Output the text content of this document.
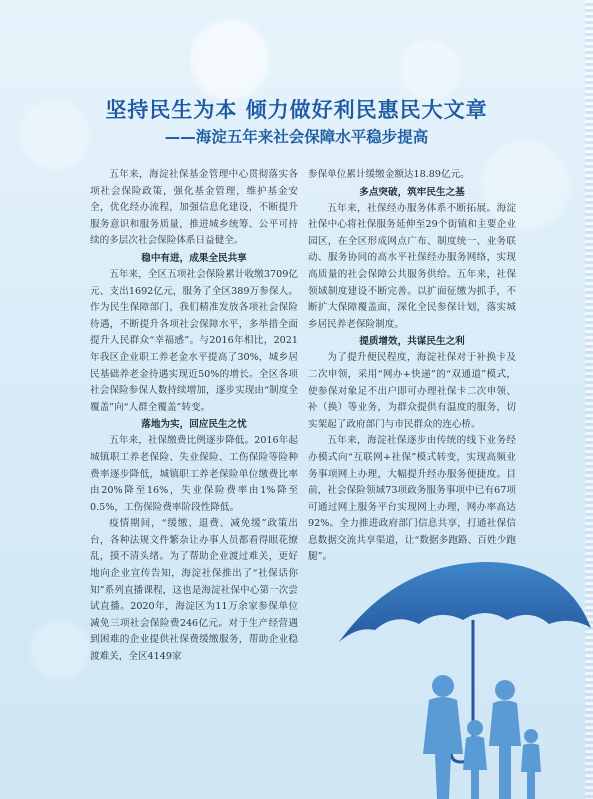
坚持民生为本 倾力做好利民惠民大文章
——海淀五年来社会保障水平稳步提高

五年来，海淀社保基金管理中心贯彻落实各项社会保险政策，强化基金管理，维护基金安全，优化经办流程，加强信息化建设，不断提升服务意识和服务质量，推进城乡统筹、公平可持续的多层次社会保险体系日益健全。

稳中有进，成果全民共享

五年来，全区五项社会保险累计收缴3709亿元、支出1692亿元，服务了全区389万参保人。作为民生保障部门，我们精准发放各项社会保险待遇，不断提升各项社会保障水平，多举措全面提升人民群众“幸福感”。与2016年相比，2021年我区企业职工养老金水平提高了30%，城乡居民基础养老金待遇实现近50%的增长。全区各项社会保险参保人数持续增加，逐步实现由“制度全覆盖”向“人群全覆盖”转变。

落地为实，回应民生之忧

五年来，社保缴费比例逐步降低。2016年起城镇职工养老保险、失业保险、工伤保险等险种费率逐步降低，城镇职工养老保险单位缴费比率由20%降至16%，失业保险费率由1%降至0.5%，工伤保险费率阶段性降低。

疫情期间，“缓缴、退费、减免缓”政策出台，各种法规文件繁杂让办事人员都看得眼花缭乱，摸不清头绪。为了帮助企业渡过难关，更好地向企业宣传告知，海淀社保推出了“社保话你知”系列直播课程，这也是海淀社保中心第一次尝试直播。2020年，海淀区为11万余家参保单位减免三项社会保险费246亿元。对于生产经营遇到困难的企业提供社保费缓缴服务，帮助企业稳渡难关，全区4149家

参保单位累计缓缴金额达18.89亿元。

多点突破，筑牢民生之基

五年来，社保经办服务体系不断拓展。海淀社保中心将社保服务延伸至29个街镇和主要企业园区，在全区形成网点广布、制度统一、业务联动、服务协同的高水平社保经办服务网络，实现高质量的社会保障公共服务供给。五年来，社保领域制度建设不断完善。以扩面征缴为抓手，不断扩大保障覆盖面，深化全民参保计划，落实城乡居民养老保险制度。

提质增效，共谋民生之利

为了提升便民程度，海淀社保对于补换卡及二次申领，采用“网办+快递”的“双通道”模式，使参保对象足不出户即可办理社保卡二次申领、补（换）等业务，为群众提供有温度的服务，切实架起了政府部门与市民群众的连心桥。

五年来，海淀社保逐步由传统的线下业务经办模式向“互联网+社保”模式转变，实现高频业务事项网上办理，大幅提升经办服务便捷度。目前，社会保险领域73项政务服务事项中已有67项可通过网上服务平台实现网上办理，网办率高达92%。全力推进政府部门信息共享，打通社保信息数据交流共享渠道，让“数据多跑路、百姓少跑腿”。
